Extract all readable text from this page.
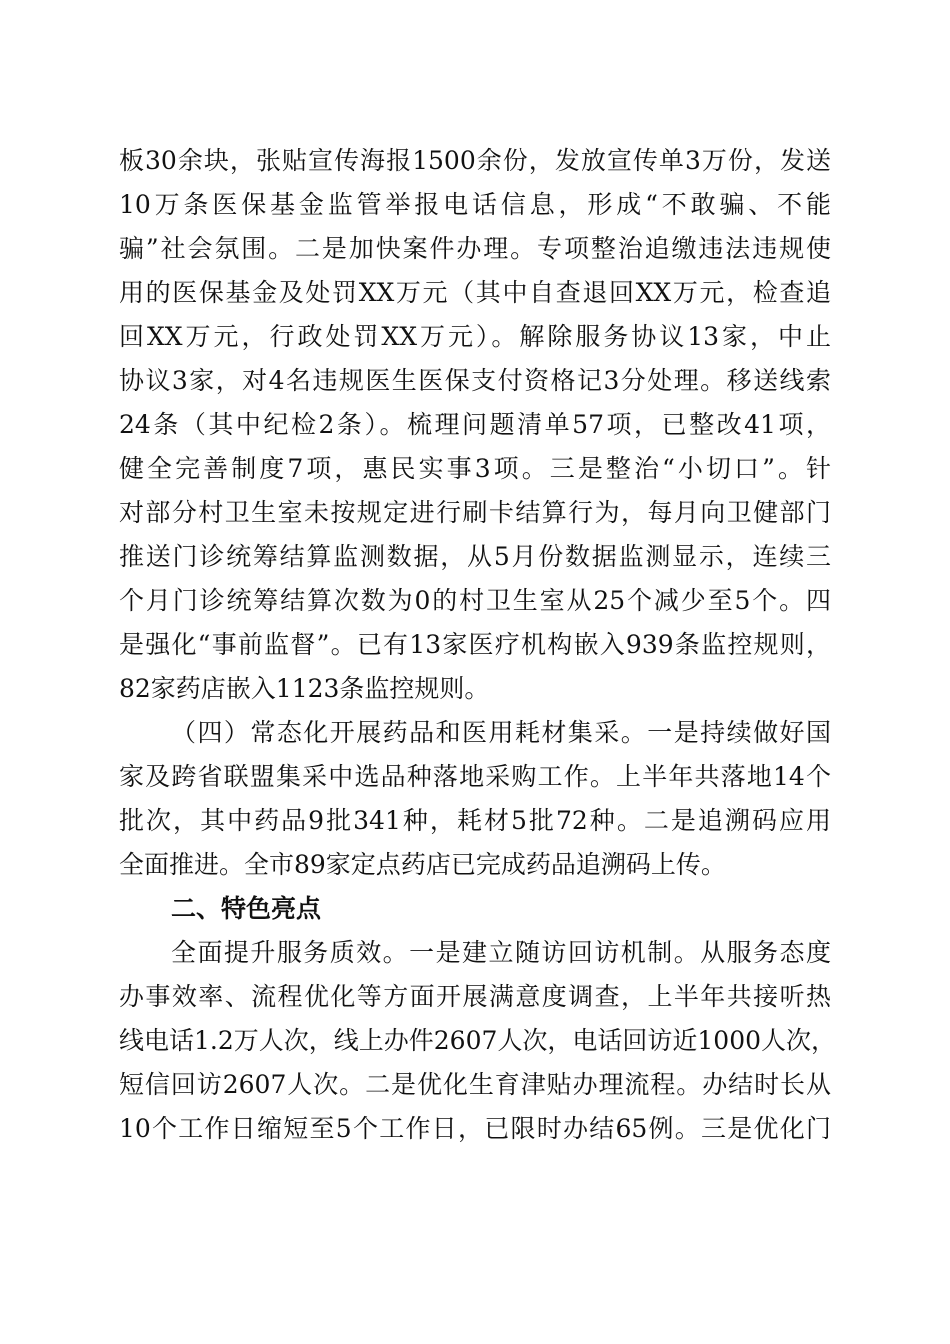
板30余块，张贴宣传海报1500余份，发放宣传单3万份，发送
10万条医保基金监管举报电话信息，形成“不敢骗、不能
骗”社会氛围。二是加快案件办理。专项整治追缴违法违规使
用的医保基金及处罚XX万元（其中自查退回XX万元，检查追
回XX万元，行政处罚XX万元）。解除服务协议13家，中止
协议3家，对4名违规医生医保支付资格记3分处理。移送线索
24条（其中纪检2条）。梳理问题清单57项，已整改41项，
健全完善制度7项，惠民实事3项。三是整治“小切口”。针
对部分村卫生室未按规定进行刷卡结算行为，每月向卫健部门
推送门诊统筹结算监测数据，从5月份数据监测显示，连续三
个月门诊统筹结算次数为0的村卫生室从25个减少至5个。四
是强化“事前监督”。已有13家医疗机构嵌入939条监控规则，
82家药店嵌入1123条监控规则。
（四）常态化开展药品和医用耗材集采。一是持续做好国
家及跨省联盟集采中选品种落地采购工作。上半年共落地14个
批次，其中药品9批341种，耗材5批72种。二是追溯码应用
全面推进。全市89家定点药店已完成药品追溯码上传。
二、特色亮点
全面提升服务质效。一是建立随访回访机制。从服务态度
办事效率、流程优化等方面开展满意度调查，上半年共接听热
线电话1.2万人次，线上办件2607人次，电话回访近1000人次，
短信回访2607人次。二是优化生育津贴办理流程。办结时长从
10个工作日缩短至5个工作日，已限时办结65例。三是优化门
